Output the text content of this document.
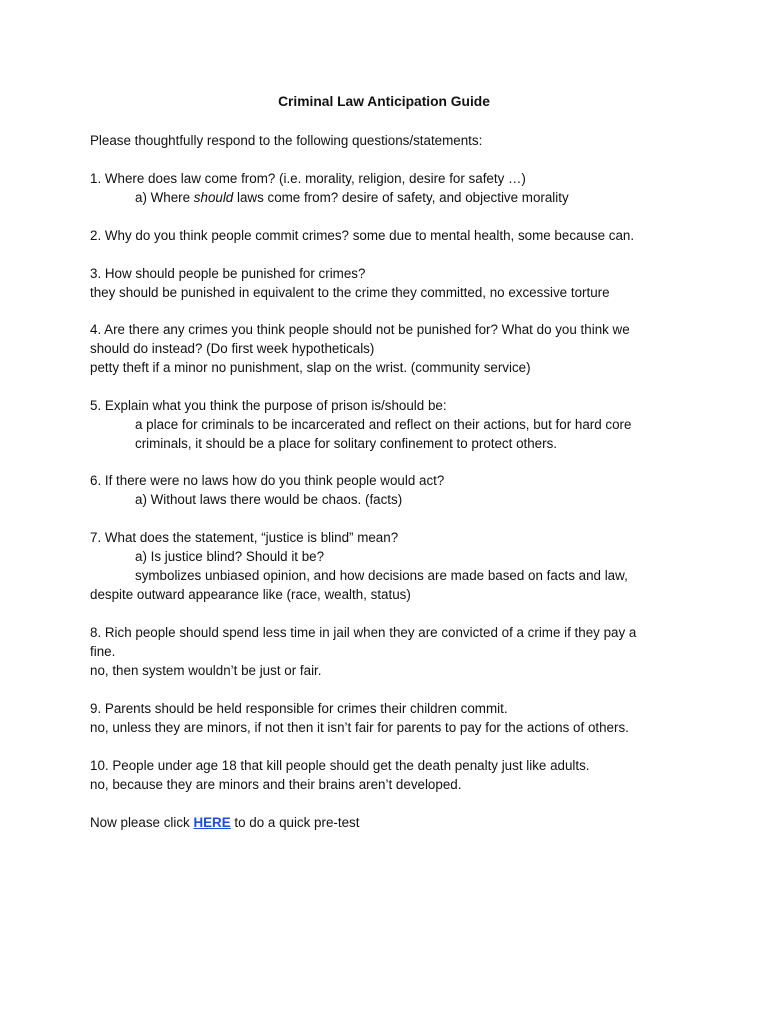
Criminal Law Anticipation Guide
Please thoughtfully respond to the following questions/statements:
1. Where does law come from? (i.e. morality, religion, desire for safety …)
a) Where should laws come from? desire of safety, and objective morality
2. Why do you think people commit crimes? some due to mental health, some because can.
3. How should people be punished for crimes?
they should be punished in equivalent to the crime they committed, no excessive torture
4. Are there any crimes you think people should not be punished for? What do you think we
should do instead? (Do first week hypotheticals)
petty theft if a minor no punishment, slap on the wrist. (community service)
5. Explain what you think the purpose of prison is/should be:
a place for criminals to be incarcerated and reflect on their actions, but for hard core
criminals, it should be a place for solitary confinement to protect others.
6. If there were no laws how do you think people would act?
a) Without laws there would be chaos. (facts)
7. What does the statement, “justice is blind” mean?
a) Is justice blind? Should it be?
symbolizes unbiased opinion, and how decisions are made based on facts and law,
despite outward appearance like (race, wealth, status)
8. Rich people should spend less time in jail when they are convicted of a crime if they pay a
fine.
no, then system wouldn’t be just or fair.
9. Parents should be held responsible for crimes their children commit.
no, unless they are minors, if not then it isn’t fair for parents to pay for the actions of others.
10. People under age 18 that kill people should get the death penalty just like adults.
no, because they are minors and their brains aren’t developed.
Now please click HERE to do a quick pre-test
